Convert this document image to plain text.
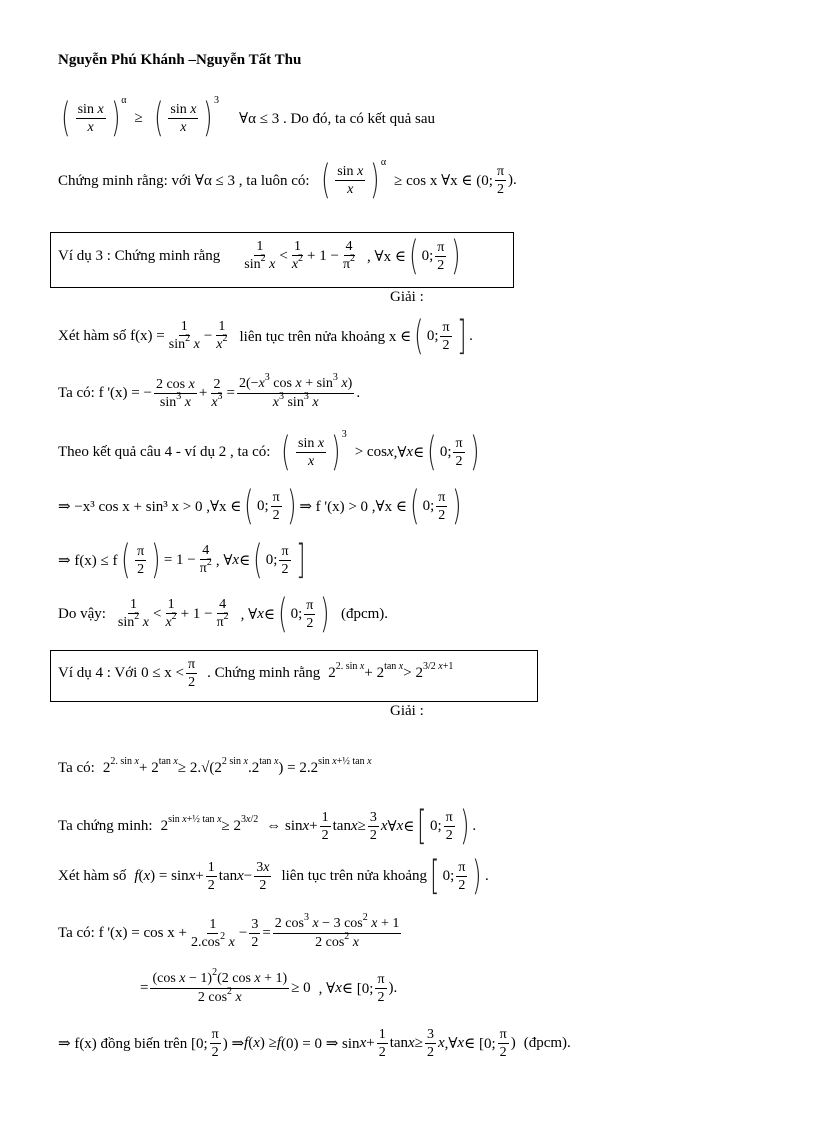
Nguyễn Phú Khánh –Nguyễn Tất Thu
( $\frac{\text{sin x}}{x}$ ) α
≥ ( $\frac{\text{sin x}}{x}$ ) 3
∀α ≤ 3 . Do đó, ta có kết quả sau
Chứng minh rằng: với ∀α ≤ 3 , ta luôn có: ( $\frac{\text{sin x}}{x}$ ) α
≥ cos x ∀x ∈ (0; $\frac{\pi}{2}$ ).
Ví dụ 3 : Chứng minh rằng $\frac{1}{\sin^2 x} < \frac{1}{x^2} + 1 - \frac{4}{\pi^2}$ , ∀x ∈ ( 0; $\frac{\pi}{2}$ )
Giải :
Xét hàm số $f(x) = \frac{1}{\sin^2 x} - \frac{1}{x^2}$ liên tục trên nửa khoảng x ∈ ( 0; $\frac{\pi}{2}$ ] .
Ta có: f '(x) = − $\frac{\text{2 cos x}}{\sin^3 x} + \frac{2}{x^3} = \frac{2(-x^3 \cos x + \sin^3 x)}{x^3 \sin^3 x}$ .
Theo kết quả câu 4 - ví dụ 2 , ta có: ( $\frac{\text{sin x}}{x}$ ) 3
> cos x ,∀ x ∈ ( 0; $\frac{\pi}{2}$ )
⇒ −x³ cos x + sin³ x > 0 ,∀x ∈ ( 0; $\frac{\pi}{2}$ ) ⇒ f '(x) > 0 ,∀x ∈ ( 0; $\frac{\pi}{2}$ )
⇒ f(x) ≤ f ( $\frac{\pi}{2}$ ) = $1 - \frac{4}{\pi^2}$ , ∀ x ∈ ( 0; $\frac{\pi}{2}$ ]
Do vậy: $\frac{1}{\sin^2 x} < \frac{1}{x^2} + 1 - \frac{4}{\pi^2}$ , ∀ x ∈ ( 0; $\frac{\pi}{2}$ ) (đpcm).
Ví dụ 4 : Với $0 \le x < \frac{\pi}{2}$ . Chứng minh rằng 2 2. sin x + 2 tan x > 2 3/2 x+1
Giải :
Ta có: 2 2. sin x + 2 tan x ≥ 2.√(2 2 sin x .2 tan x ) = 2.2 sin x+½ tan x
Ta chứng minh: 2 sin x+½ tan x ≥ 2 3x/2 ⇔ $\sin x + \frac{1}{2}$ $\tan x \ge \frac{3}{2}$ x ∀ x ∈ [ 0; $\frac{\pi}{2}$ ) .
Xét hàm số f ( x ) = $\sin x + \frac{1}{2}$ $\tan x - \frac{3x}{2}$ liên tục trên nửa khoảng [ 0; $\frac{\pi}{2}$ ) .
Ta có: f '$(x) = \cos x + \frac{1}{2.\cos^2 x} - \frac{3}{2} = \frac{2 \cos^3 x - 3 \cos^2 x + 1}{2 \cos^2 x}$
= $\frac{(\cos x - 1)^2(2 \cos x + 1)}{2 \cos^2 x} \ge 0$
, ∀ x ∈ [0; $\frac{\pi}{2}$ ).
⇒ f(x) đồng biến trên [0; $\frac{\pi}{2}$ ) ⇒ f ( x ) ≥ f (0) = 0 ⇒ $\sin x + \frac{1}{2}$ $\tan x \ge \frac{3}{2}$ x ,∀ x ∈ [0; $\frac{\pi}{2}$ ) (đpcm).
